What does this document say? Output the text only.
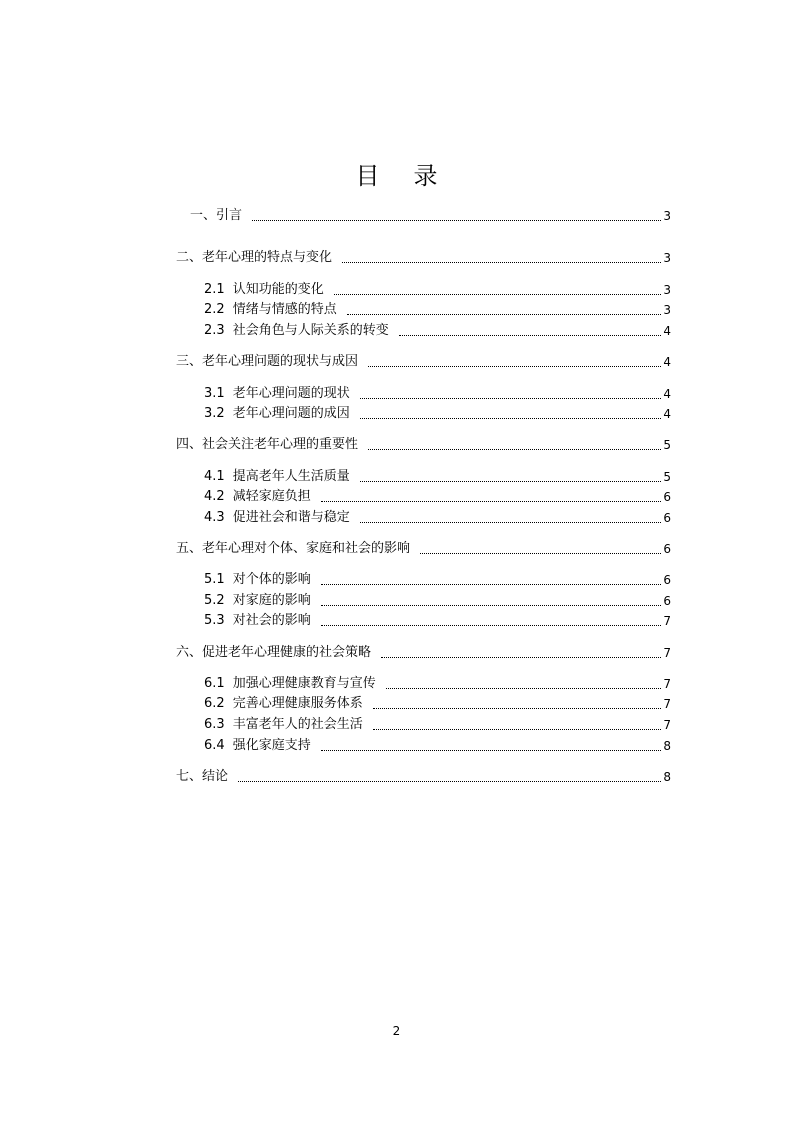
目录
一、引言	3
二、老年心理的特点与变化	3
2.1 认知功能的变化	3
2.2 情绪与情感的特点	3
2.3 社会角色与人际关系的转变	4
三、老年心理问题的现状与成因	4
3.1 老年心理问题的现状	4
3.2 老年心理问题的成因	4
四、社会关注老年心理的重要性	5
4.1 提高老年人生活质量	5
4.2 减轻家庭负担	6
4.3 促进社会和谐与稳定	6
五、老年心理对个体、家庭和社会的影响	6
5.1 对个体的影响	6
5.2 对家庭的影响	6
5.3 对社会的影响	7
六、促进老年心理健康的社会策略	7
6.1 加强心理健康教育与宣传	7
6.2 完善心理健康服务体系	7
6.3 丰富老年人的社会生活	7
6.4 强化家庭支持	8
七、结论	8
2
